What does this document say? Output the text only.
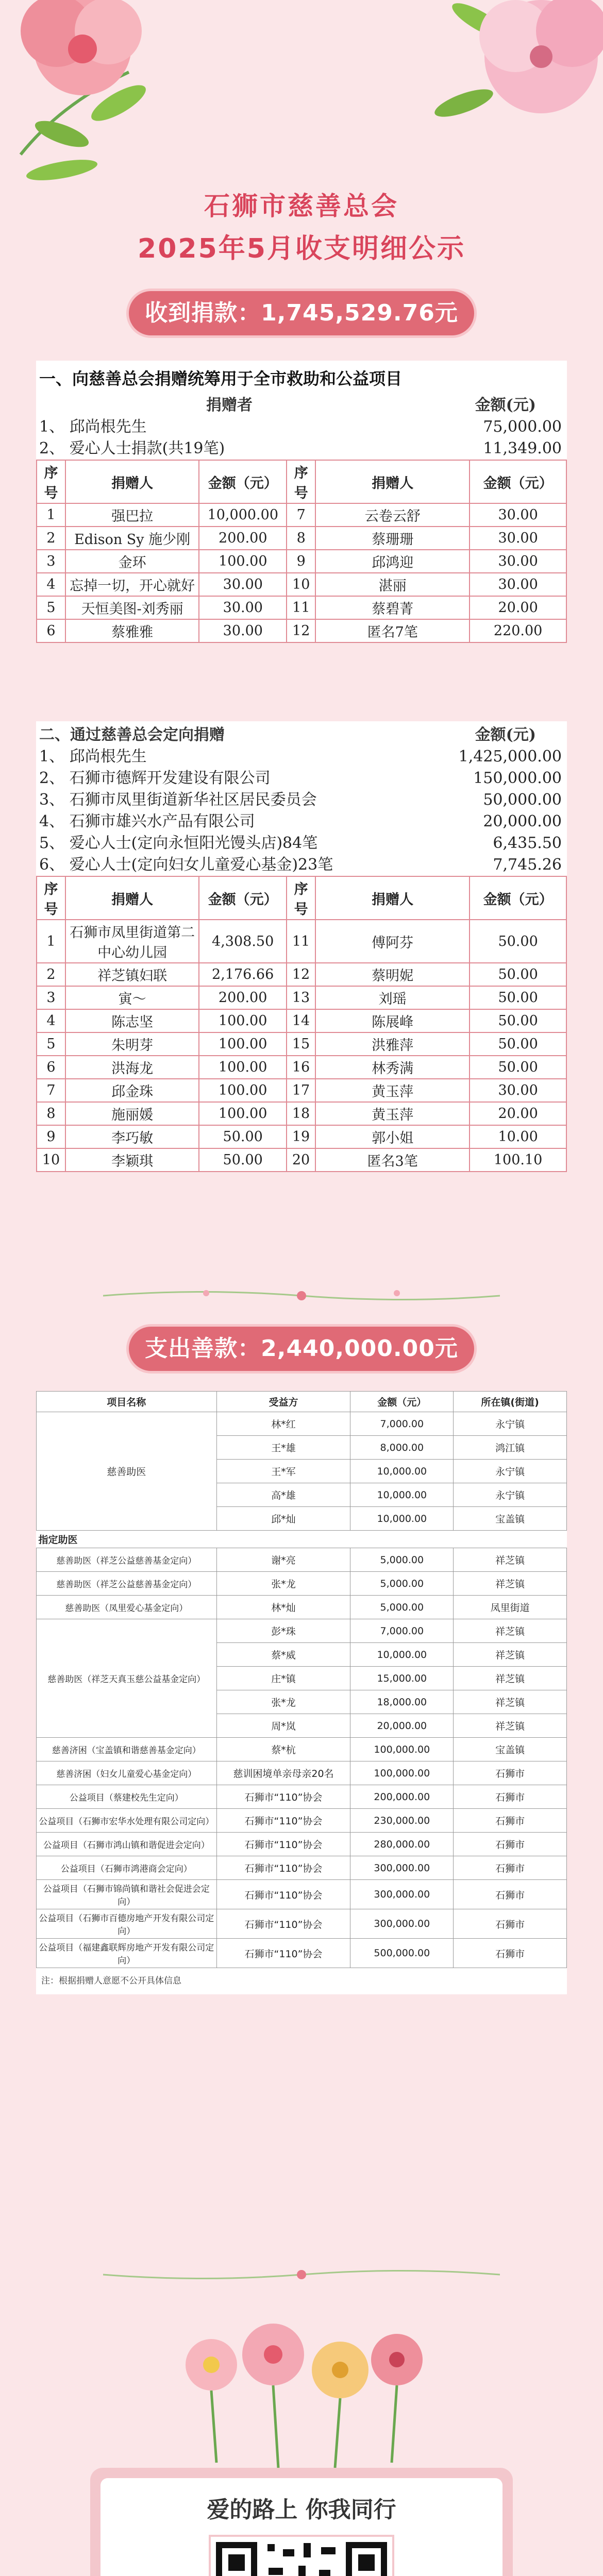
石狮市慈善总会
2025年5月收支明细公示
收到捐款：1,745,529.76元
一、向慈善总会捐赠统筹用于全市救助和公益项目
捐赠者	金额(元)
1、 邱尚根先生	75,000.00
2、 爱心人士捐款(共19笔)	11,349.00
序号	捐赠人	金额（元）	序号	捐赠人	金额（元）
1	强巴拉	10,000.00	7	云卷云舒	30.00
2	Edison Sy 施少刚	200.00	8	蔡珊珊	30.00
3	金环	100.00	9	邱鸿迎	30.00
4	忘掉一切，开心就好	30.00	10	湛丽	30.00
5	天恒美图-刘秀丽	30.00	11	蔡碧菁	20.00
6	蔡雅雅	30.00	12	匿名7笔	220.00
二、通过慈善总会定向捐赠	金额(元)
1、 邱尚根先生	1,425,000.00
2、 石狮市德辉开发建设有限公司	150,000.00
3、 石狮市凤里街道新华社区居民委员会	50,000.00
4、 石狮市雄兴水产品有限公司	20,000.00
5、 爱心人士(定向永恒阳光馒头店)84笔	6,435.50
6、 爱心人士(定向妇女儿童爱心基金)23笔	7,745.26
序号	捐赠人	金额（元）	序号	捐赠人	金额（元）
1	石狮市凤里街道第二中心幼儿园	4,308.50	11	傅阿芬	50.00
2	祥芝镇妇联	2,176.66	12	蔡明妮	50.00
3	寅～	200.00	13	刘瑶	50.00
4	陈志坚	100.00	14	陈展峰	50.00
5	朱明芽	100.00	15	洪雅萍	50.00
6	洪海龙	100.00	16	林秀满	50.00
7	邱金珠	100.00	17	黄玉萍	30.00
8	施丽媛	100.00	18	黄玉萍	20.00
9	李巧敏	50.00	19	郭小姐	10.00
10	李颖琪	50.00	20	匿名3笔	100.10
支出善款：2,440,000.00元
项目名称	受益方	金额（元）	所在镇(街道)
慈善助医	林*红	7,000.00	永宁镇
	王*雄	8,000.00	鸿江镇
	王*军	10,000.00	永宁镇
	高*雄	10,000.00	永宁镇
	邱*灿	10,000.00	宝盖镇
指定助医			
慈善助医（祥芝公益慈善基金定向）	谢*亮	5,000.00	祥芝镇
慈善助医（祥芝公益慈善基金定向）	张*龙	5,000.00	祥芝镇
慈善助医（凤里爱心基金定向）	林*灿	5,000.00	凤里街道
慈善助医（祥芝天真玉慈公益基金定向）	彭*珠	7,000.00	祥芝镇
	蔡*威	10,000.00	祥芝镇
	庄*镇	15,000.00	祥芝镇
	张*龙	18,000.00	祥芝镇
	周*岚	20,000.00	祥芝镇
慈善济困（宝盖镇和谐慈善基金定向）	蔡*杭	100,000.00	宝盖镇
慈善济困（妇女儿童爱心基金定向）	慈训困境单亲母亲20名	100,000.00	石狮市
公益项目（蔡建校先生定向）	石狮市“110”协会	200,000.00	石狮市
公益项目（石狮市宏华水处理有限公司定向）	石狮市“110”协会	230,000.00	石狮市
公益项目（石狮市鸿山镇和谐促进会定向）	石狮市“110”协会	280,000.00	石狮市
公益项目（石狮市鸿港商会定向）	石狮市“110”协会	300,000.00	石狮市
公益项目（石狮市锦尚镇和谐社会促进会定向）	石狮市“110”协会	300,000.00	石狮市
公益项目（石狮市百德房地产开发有限公司定向）	石狮市“110”协会	300,000.00	石狮市
公益项目（福建鑫联辉房地产开发有限公司定向）	石狮市“110”协会	500,000.00	石狮市
注：根据捐赠人意愿不公开具体信息
爱的路上 你我同行
